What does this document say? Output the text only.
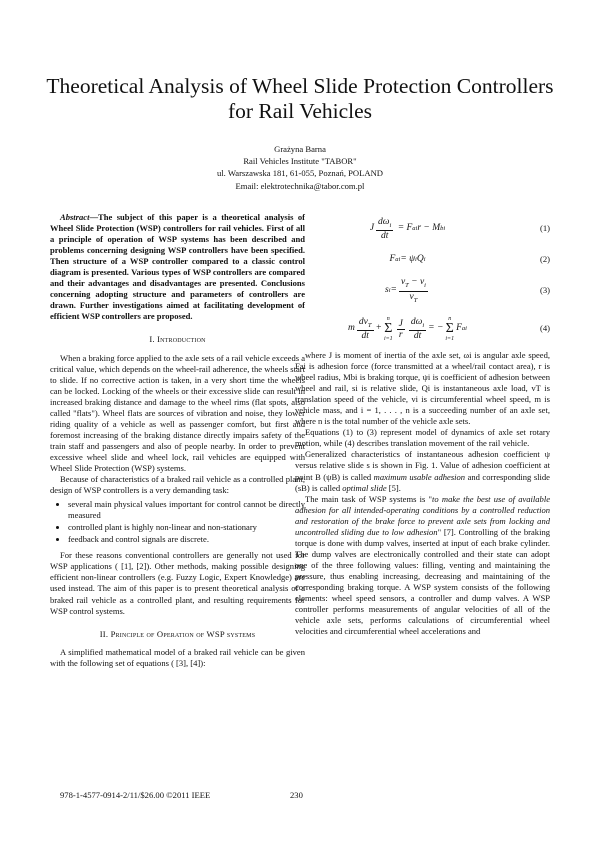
Theoretical Analysis of Wheel Slide Protection Controllers for Rail Vehicles
Grażyna Barna
Rail Vehicles Institute "TABOR"
ul. Warszawska 181, 61-055, Poznań, POLAND
Email: elektrotechnika@tabor.com.pl

Abstract—The subject of this paper is a theoretical analysis of Wheel Slide Protection (WSP) controllers for rail vehicles. First of all a principle of operation of WSP systems has been described and problems concerning designing WSP controllers have been specified. Then structure of a WSP controller compared to a classic control diagram is presented. Various types of WSP controllers are compared and their advantages and disadvantages are presented. Conclusions concerning adopting structure and parameters of controllers are drawn. Further investigations aimed at facilitating development of efficient WSP controllers are proposed.

I. Introduction

When a braking force applied to the axle sets of a rail vehicle exceeds a critical value, which depends on the wheel-rail adherence, the wheels start to slide. If no corrective action is taken, in a very short time the wheels can be locked. Locking of the wheels or their excessive slide can result in increased braking distance and damage to the wheel rims (flat spots, also called "flats"). Wheel flats are sources of vibration and noise, they lower riding quality of a vehicle as well as passenger comfort, but first and foremost increasing of the braking distance directly impairs safety of the train staff and passengers and also of people nearby. In order to prevent excessive wheel slide and wheel lock, rail vehicles are equipped with Wheel Slide Protection (WSP) systems.

Because of characteristics of a braked rail vehicle as a controlled plant, design of WSP controllers is a very demanding task:

• several main physical values important for control cannot be directly measured
• controlled plant is highly non-linear and non-stationary
• feedback and control signals are discrete.

For these reasons conventional controllers are generally not used for WSP applications ( [1], [2]). Other methods, making possible designing efficient non-linear controllers (e.g. Fuzzy Logic, Expert Knowledge) are used instead. The aim of this paper is to present theoretical analysis of a braked rail vehicle as a controlled plant, and resulting requirements for WSP control systems.

II. Principle of Operation of WSP systems

A simplified mathematical model of a braked rail vehicle can be given with the following set of equations ( [3], [4]):

J $\frac{d\omega_i}{dt} = F$ ai r − M bi	(1)
F ai = ψ i Q i	(2)
s $i = \frac{v_T - v_i}{v_T}$	(3)
m $\frac{dv_T}{dt}$ +
n
Σ
$i=1 \frac{J}{r} \frac{d\omega_i}{dt}$ = −
n
Σ
i=1
F ai	(4)

where J is moment of inertia of the axle set, ωi is angular axle speed, Fai is adhesion force (force transmitted at a wheel/rail contact area), r is wheel radius, Mbi is braking torque, ψi is coefficient of adhesion between wheel and rail, si is relative slide, Qi is instantaneous axle load, vT is translation speed of the vehicle, vi is circumferential wheel speed, m is vehicle mass, and i = 1, . . . , n is a succeeding number of an axle set, where n is the total number of the vehicle axle sets.

Equations (1) to (3) represent model of dynamics of axle set rotary motion, while (4) describes translation movement of the rail vehicle.

Generalized characteristics of instantaneous adhesion coefficient ψ versus relative slide s is shown in Fig. 1. Value of adhesion coefficient at point B (ψB) is called maximum usable adhesion and corresponding slide (sB) is called optimal slide [5].

The main task of WSP systems is "to make the best use of available adhesion for all intended-operating conditions by a controlled reduction and restoration of the brake force to prevent axle sets from locking and uncontrolled sliding due to low adhesion" [7]. Controlling of the braking torque is done with dump valves, inserted at input of each brake cylinder. The dump valves are electronically controlled and their state can adopt one of the three following values: filling, venting and maintaining the pressure, thus enabling increasing, decreasing and maintaining of the corresponding braking torque. A WSP system consists of the following elements: wheel speed sensors, a controller and dump valves. A WSP controller performs measurements of angular velocities of all of the vehicle axle sets, performs calculations of circumferential wheel velocities and circumferential wheel accelerations and

978-1-4577-0914-2/11/$26.00 ©2011 IEEE	230
